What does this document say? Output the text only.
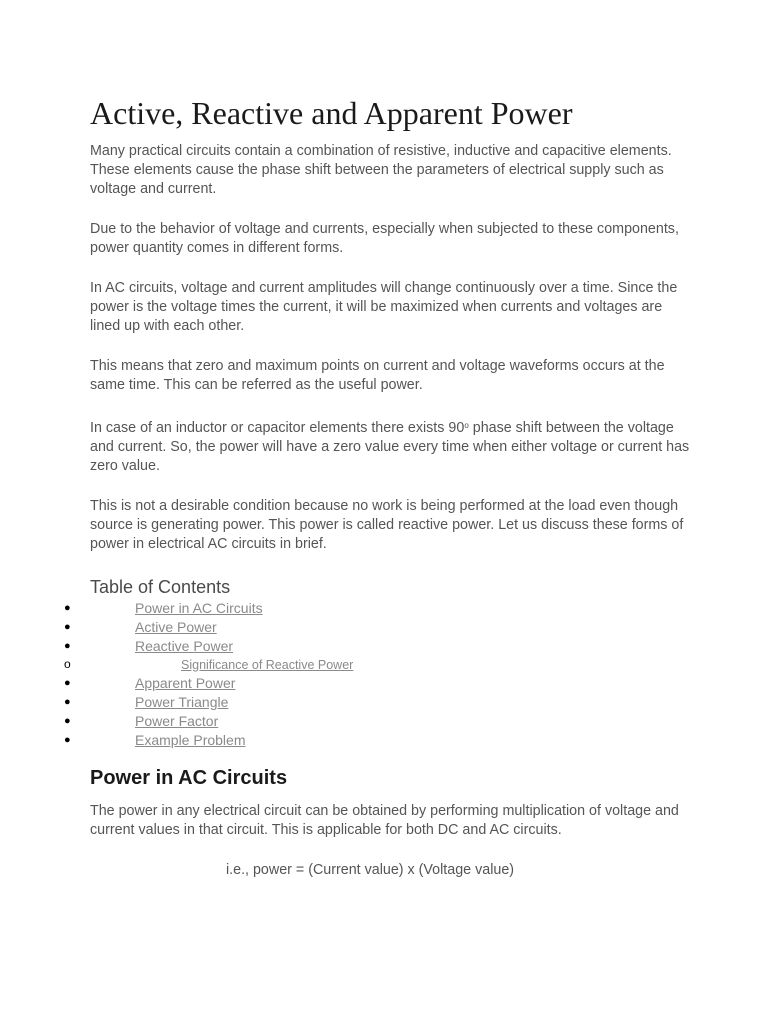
Active, Reactive and Apparent Power

Many practical circuits contain a combination of resistive, inductive and capacitive elements. These elements cause the phase shift between the parameters of electrical supply such as voltage and current.

Due to the behavior of voltage and currents, especially when subjected to these components, power quantity comes in different forms.

In AC circuits, voltage and current amplitudes will change continuously over a time. Since the power is the voltage times the current, it will be maximized when currents and voltages are lined up with each other.

This means that zero and maximum points on current and voltage waveforms occurs at the same time. This can be referred as the useful power.

In case of an inductor or capacitor elements there exists 90$^o$ phase shift between the voltage and current. So, the power will have a zero value every time when either voltage or current has zero value.

This is not a desirable condition because no work is being performed at the load even though source is generating power. This power is called reactive power. Let us discuss these forms of power in electrical AC circuits in brief.

Table of Contents
●	Power in AC Circuits
●	Active Power
●	Reactive Power
o	Significance of Reactive Power
●	Apparent Power
●	Power Triangle
●	Power Factor
●	Example Problem
Power in AC Circuits

The power in any electrical circuit can be obtained by performing multiplication of voltage and current values in that circuit. This is applicable for both DC and AC circuits.

i.e., power = (Current value) x (Voltage value)
